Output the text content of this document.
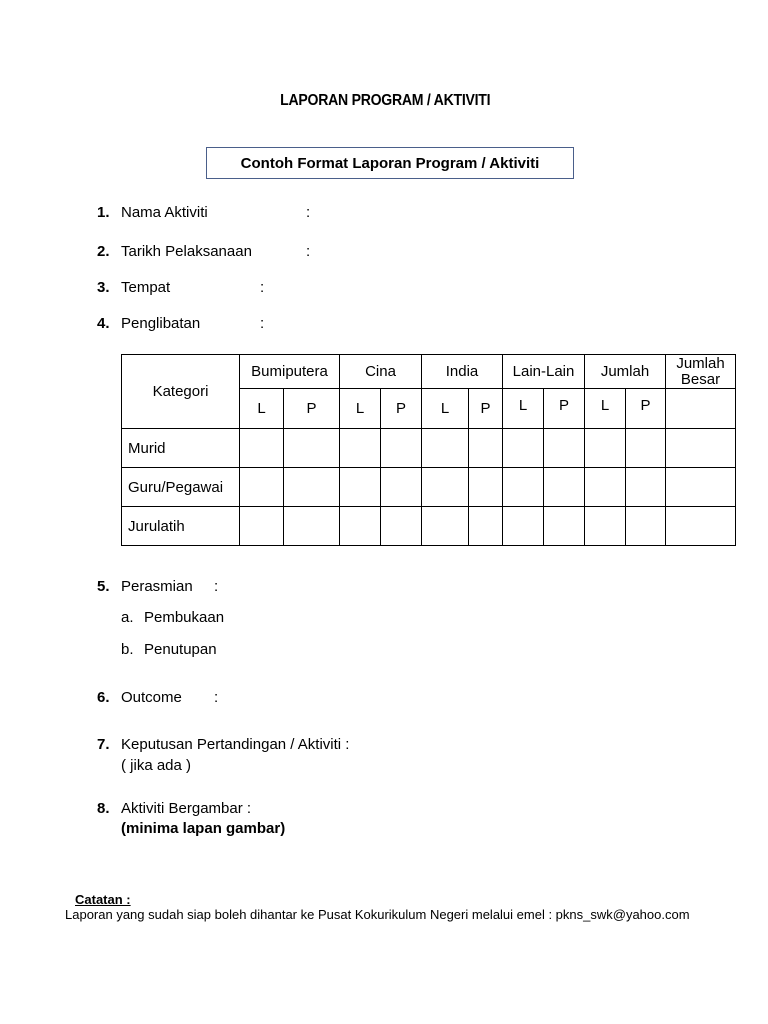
LAPORAN PROGRAM / AKTIVITI
Contoh Format Laporan Program / Aktiviti
1. Nama Aktiviti	:
2. Tarikh Pelaksanaan	:
3. Tempat	:
4. Penglibatan	:
Kategori	Bumiputera		Cina		India		Lain-Lain		Jumlah		Jumlah
Besar

	L	P	L	P	L	P	L	P	L	P	
Murid											
Guru/Pegawai											
Jurulatih											
5. Perasmian :
a. Pembukaan
b. Penutupan
6. Outcome :
7. Keputusan Pertandingan / Aktiviti :
( jika ada )
8. Aktiviti Bergambar :
(minima lapan gambar)
Catatan :
Laporan yang sudah siap boleh dihantar ke Pusat Kokurikulum Negeri melalui emel : pkns_swk@yahoo.com
